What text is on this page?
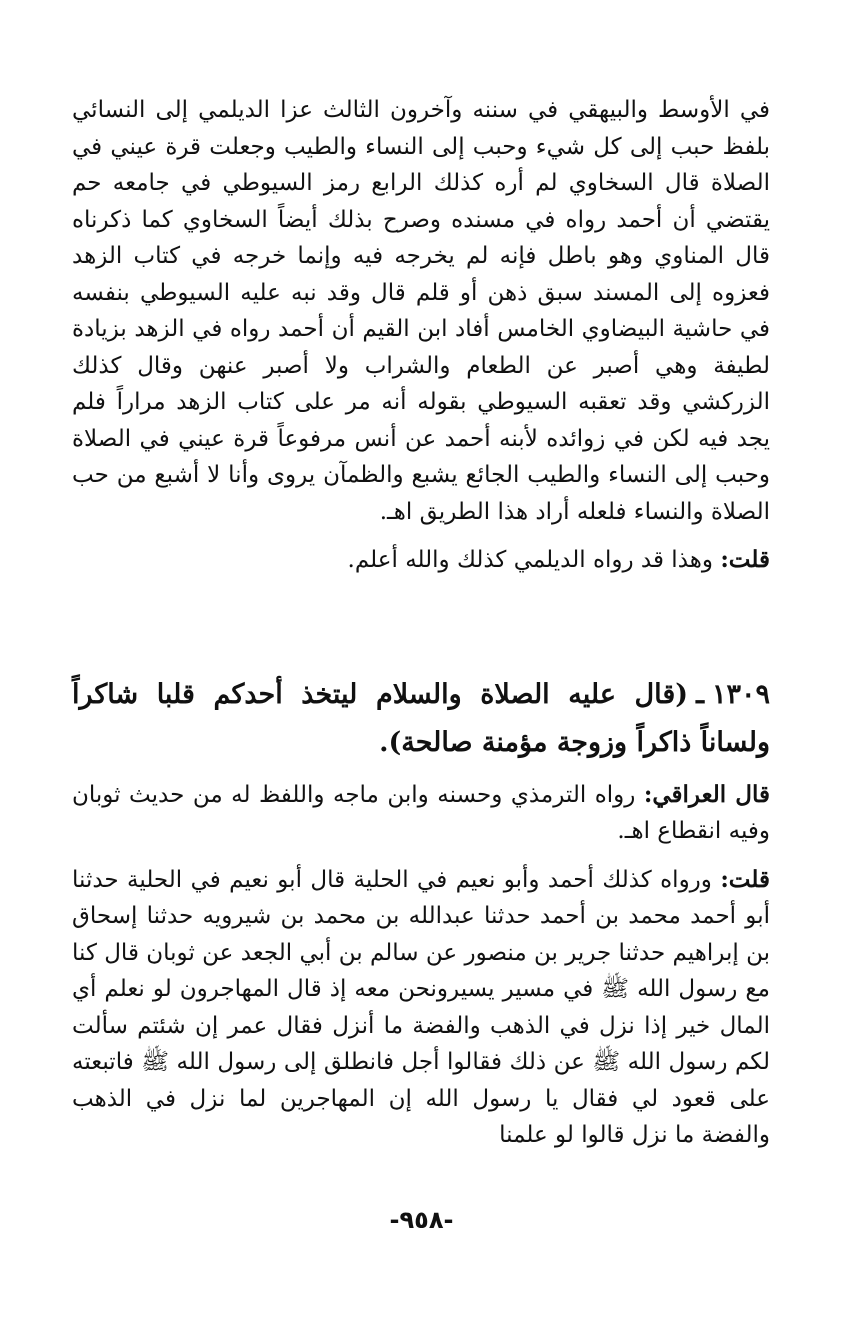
في الأوسط والبيهقي في سننه وآخرون الثالث عزا الديلمي إلى النسائي بلفظ حبب إلى كل شيء وحبب إلى النساء والطيب وجعلت قرة عيني في الصلاة قال السخاوي لم أره كذلك الرابع رمز السيوطي في جامعه حم يقتضي أن أحمد رواه في مسنده وصرح بذلك أيضاً السخاوي كما ذكرناه قال المناوي وهو باطل فإنه لم يخرجه فيه وإنما خرجه في كتاب الزهد فعزوه إلى المسند سبق ذهن أو قلم قال وقد نبه عليه السيوطي بنفسه في حاشية البيضاوي الخامس أفاد ابن القيم أن أحمد رواه في الزهد بزيادة لطيفة وهي أصبر عن الطعام والشراب ولا أصبر عنهن وقال كذلك الزركشي وقد تعقبه السيوطي بقوله أنه مر على كتاب الزهد مراراً فلم يجد فيه لكن في زوائده لأبنه أحمد عن أنس مرفوعاً قرة عيني في الصلاة وحبب إلى النساء والطيب الجائع يشبع والظمآن يروى وأنا لا أشبع من حب الصلاة والنساء فلعله أراد هذا الطريق اهـ.

قلت: وهذا قد رواه الديلمي كذلك والله أعلم.

١٣٠٩ـ(قال عليه الصلاة والسلام ليتخذ أحدكم قلبا شاكراً ولساناً ذاكراً وزوجة مؤمنة صالحة).

قال العراقي: رواه الترمذي وحسنه وابن ماجه واللفظ له من حديث ثوبان وفيه انقطاع اهـ.

قلت: ورواه كذلك أحمد وأبو نعيم في الحلية قال أبو نعيم في الحلية حدثنا أبو أحمد محمد بن أحمد حدثنا عبدالله بن محمد بن شيرويه حدثنا إسحاق بن إبراهيم حدثنا جرير بن منصور عن سالم بن أبي الجعد عن ثوبان قال كنا مع رسول الله ﷺ في مسير يسيرونحن معه إذ قال المهاجرون لو نعلم أي المال خير إذا نزل في الذهب والفضة ما أنزل فقال عمر إن شئتم سألت لكم رسول الله ﷺ عن ذلك فقالوا أجل فانطلق إلى رسول الله ﷺ فاتبعته على قعود لي فقال يا رسول الله إن المهاجرين لما نزل في الذهب والفضة ما نزل قالوا لو علمنا

-٩٥٨-
